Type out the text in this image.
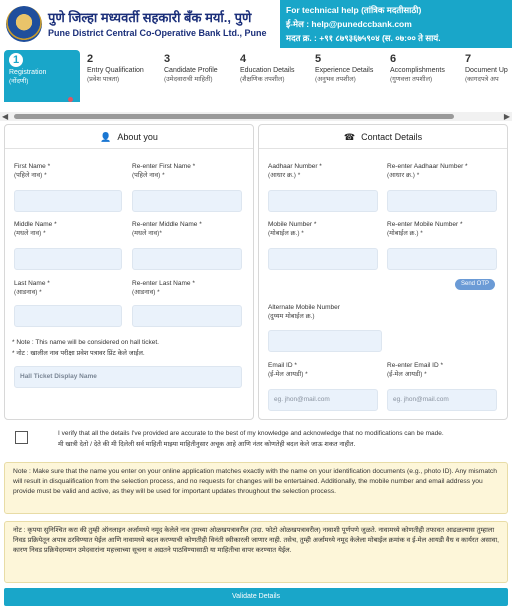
पुणे जिल्हा मध्यवर्ती सहकारी बँक मर्या., पुणे
Pune District Central Co-Operative Bank Ltd., Pune
For technical help (तांत्रिक मदतीसाठी)
ई-मेल : help@punedccbank.com
मदत क्र. : +९१ ८७९३६७५९०४ (स. ०७:०० ते सायं.
1
Registration
(नोंदणी)
2
Entry Qualification
(प्रवेश पात्रता)
3
Candidate Profile
(उमेदवाराची माहिती)
4
Education Details
(शैक्षणिक तपशील)
5
Experience Details
(अनुभव तपशील)
6
Accomplishments
(गुणवत्ता तपशील)
7
Document Up
(कागदपत्रे अप
◀	▶
👤 About you
First Name *
(पहिले नाव) *
Re-enter First Name *
(पहिले नाव) *
Middle Name *
(मधले नाव) *
Re-enter Middle Name *
(मधले नाव)*
Last Name *
(आडनाव) *
Re-enter Last Name *
(आडनाव) *
* Note : This name will be considered on hall ticket.
* नोट : खालील नाव परीक्षा प्रवेश पत्रावर प्रिंट केले जाईल.
Hall Ticket Display Name
☎ Contact Details
Aadhaar Number *
(आधार क्र.) *
Re-enter Aadhaar Number *
(आधार क्र.) *
Mobile Number *
(मोबाईल क्र.) *
Re-enter Mobile Number *
(मोबाईल क्र.) *
Send OTP
Alternate Mobile Number
(दुय्यम मोबाईल क्र.)
Email ID *
(ई-मेल आयडी) *
eg. jhon@mail.com
Re-enter Email ID *
(ई-मेल आयडी) *
eg. jhon@mail.com
I verify that all the details I've provided are accurate to the best of my knowledge and acknowledge that no modifications can be made.
मी खात्री देतो / देते की मी दिलेली सर्व माहिती माझ्या माहितीनुसार अचूक आहे आणि नंतर कोणतेही बदल केले जाऊ शकत नाहीत.
Note : Make sure that the name you enter on your online application matches exactly with the name on your identification documents (e.g., photo ID). Any mismatch will result in disqualification from the selection process, and no requests for changes will be entertained. Additionally, the mobile number and email address you provide must be valid and active, as they will be used for important updates throughout the selection process.
नोट : कृपया सुनिश्चित करा की तुम्ही ऑनलाइन अर्जामध्ये नमूद केलेले नाव तुमच्या ओळखपत्रावरील (उदा. फोटो ओळखपत्रावरील) नावाशी पूर्णपणे जुळते. नावामध्ये कोणतीही तफावत आढळल्यास तुम्हाला निवड प्रक्रियेतून अपात्र ठरविण्यात येईल आणि नावामध्ये बदल करण्याची कोणतीही विनंती स्वीकारली जाणार नाही. तसेच, तुम्ही अर्जामध्ये नमूद केलेला मोबाईल क्रमांक व ई-मेल आयडी वैध व कार्यरत असावा, कारण निवड प्रक्रियेदरम्यान उमेदवारांना महत्त्वाच्या सूचना व अद्यतने पाठविण्यासाठी या माहितीचा वापर करण्यात येईल.
Validate Details
